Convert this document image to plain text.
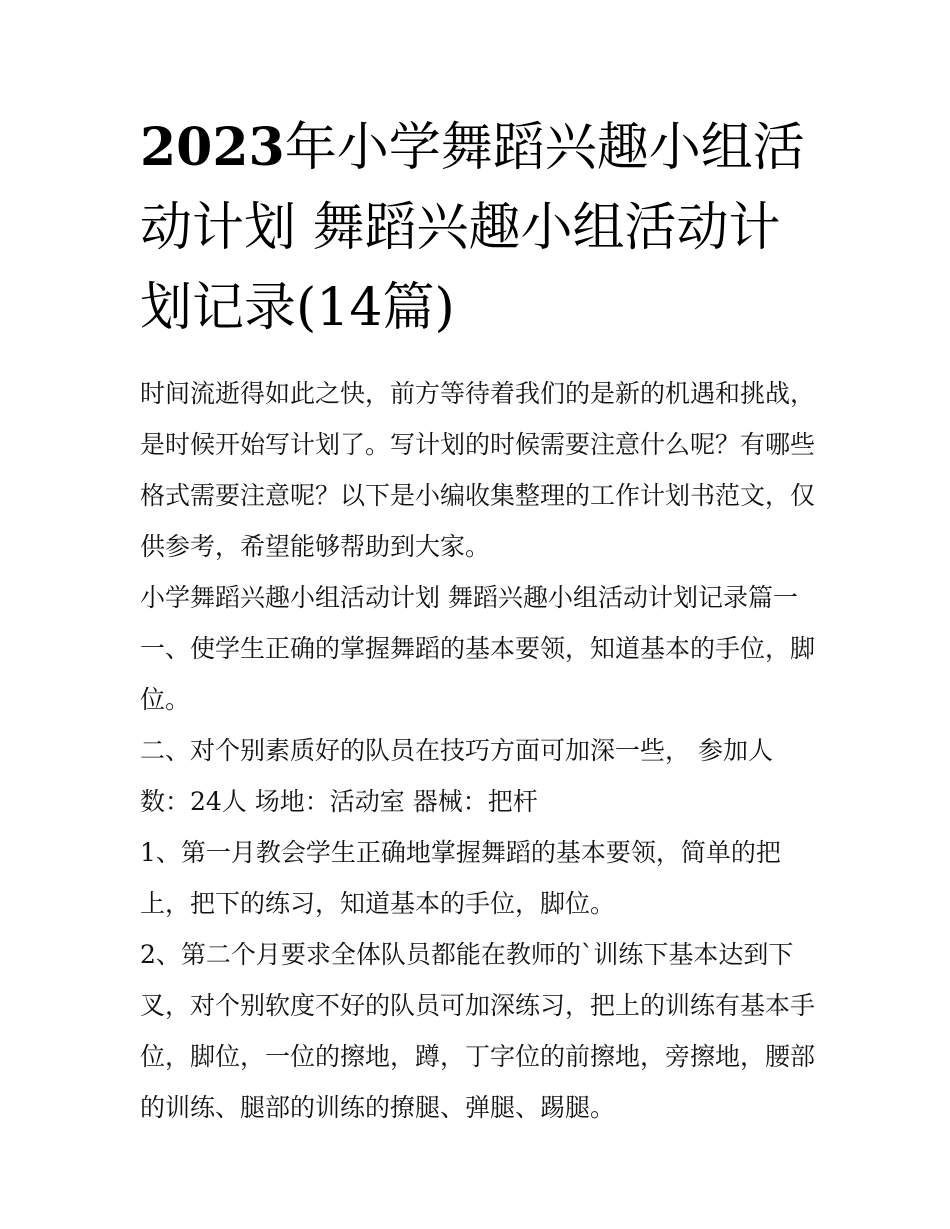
2023年小学舞蹈兴趣小组活动计划 舞蹈兴趣小组活动计划记录(14篇)

时间流逝得如此之快，前方等待着我们的是新的机遇和挑战，是时候开始写计划了。写计划的时候需要注意什么呢？有哪些格式需要注意呢？以下是小编收集整理的工作计划书范文，仅供参考，希望能够帮助到大家。

小学舞蹈兴趣小组活动计划 舞蹈兴趣小组活动计划记录篇一

一、使学生正确的掌握舞蹈的基本要领，知道基本的手位，脚位。

二、对个别素质好的队员在技巧方面可加深一些， 参加人数：24人 场地：活动室 器械：把杆

1、第一月教会学生正确地掌握舞蹈的基本要领，简单的把上，把下的练习，知道基本的手位，脚位。

2、第二个月要求全体队员都能在教师的`训练下基本达到下叉，对个别软度不好的队员可加深练习，把上的训练有基本手位，脚位，一位的擦地，蹲，丁字位的前擦地，旁擦地，腰部的训练、腿部的训练的撩腿、弹腿、踢腿。
